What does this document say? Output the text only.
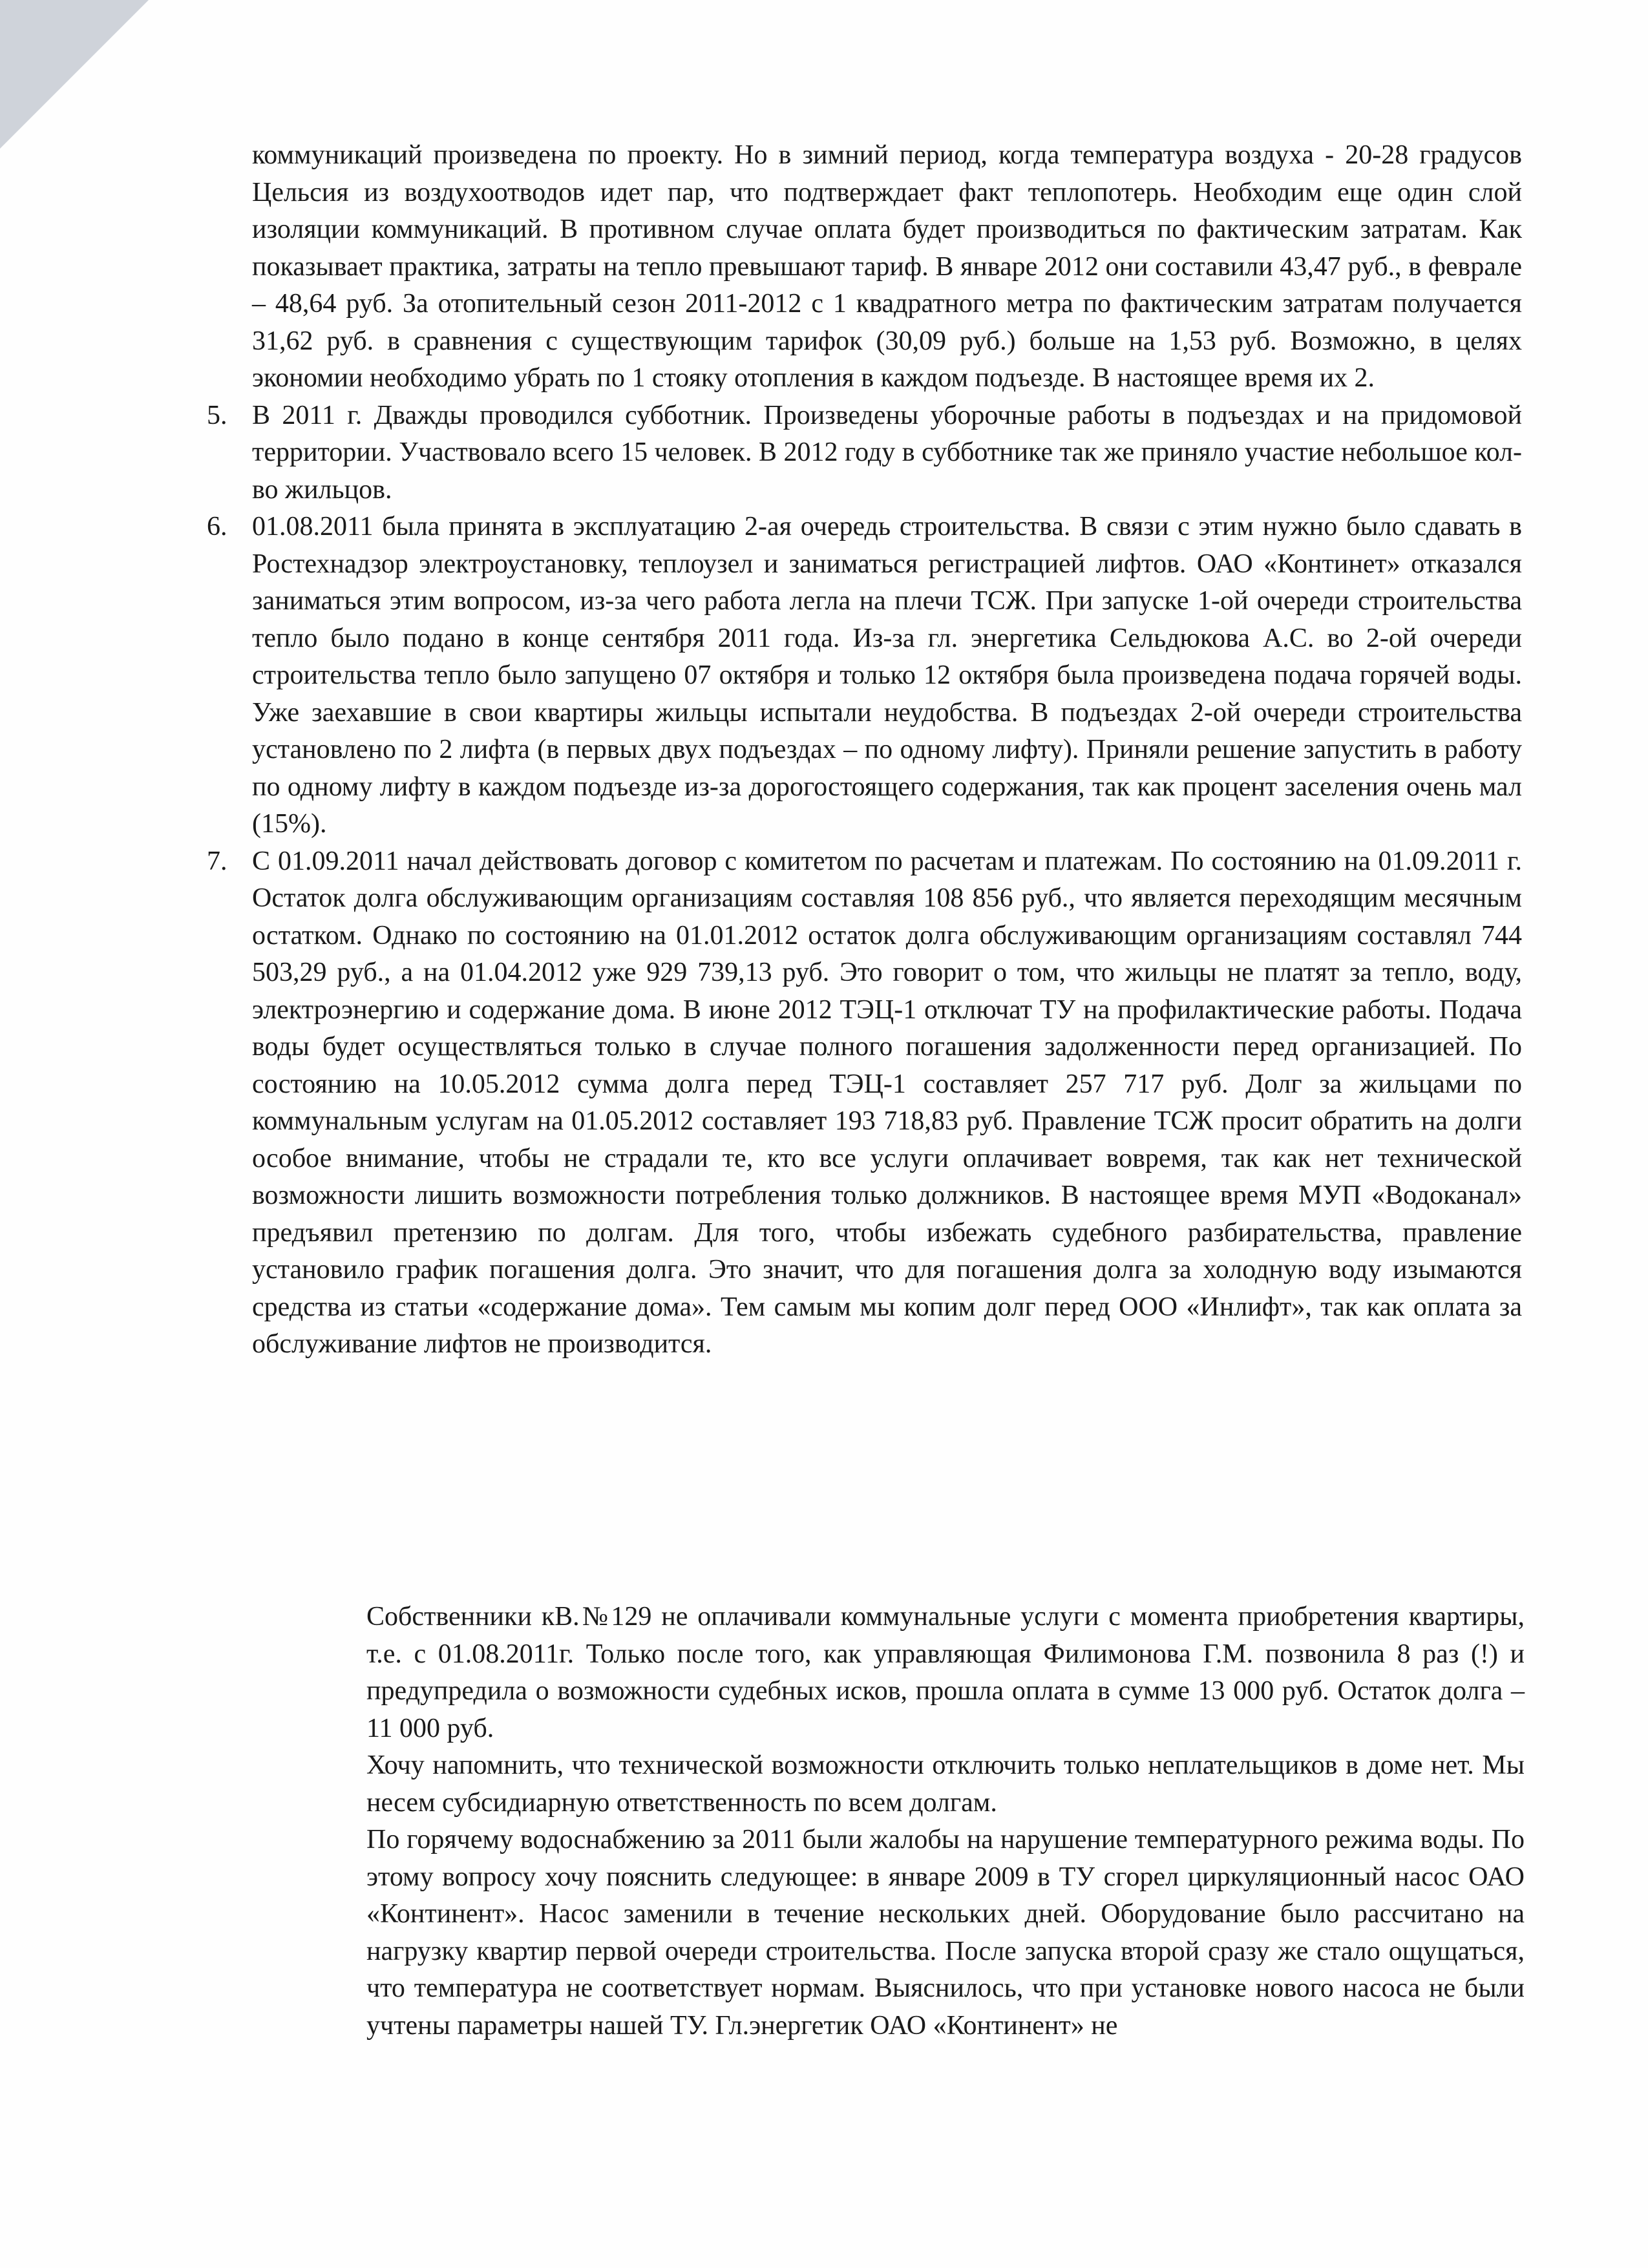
коммуникаций произведена по проекту. Но в зимний период, когда температура воздуха - 20-28 градусов Цельсия из воздухоотводов идет пар, что подтверждает факт теплопотерь. Необходим еще один слой изоляции коммуникаций. В противном случае оплата будет производиться по фактическим затратам. Как показывает практика, затраты на тепло превышают тариф. В январе 2012 они составили 43,47 руб., в феврале – 48,64 руб. За отопительный сезон 2011-2012 с 1 квадратного метра по фактическим затратам получается 31,62 руб. в сравнения с существующим тарифок (30,09 руб.) больше на 1,53 руб. Возможно, в целях экономии необходимо убрать по 1 стояку отопления в каждом подъезде. В настоящее время их 2.

5. В 2011 г. Дважды проводился субботник. Произведены уборочные работы в подъездах и на придомовой территории. Участвовало всего 15 человек. В 2012 году в субботнике так же приняло участие небольшое кол-во жильцов.
6. 01.08.2011 была принята в эксплуатацию 2-ая очередь строительства. В связи с этим нужно было сдавать в Ростехнадзор электроустановку, теплоузел и заниматься регистрацией лифтов. ОАО «Континет» отказался заниматься этим вопросом, из-за чего работа легла на плечи ТСЖ. При запуске 1-ой очереди строительства тепло было подано в конце сентября 2011 года. Из-за гл. энергетика Сельдюкова А.С. во 2-ой очереди строительства тепло было запущено 07 октября и только 12 октября была произведена подача горячей воды. Уже заехавшие в свои квартиры жильцы испытали неудобства. В подъездах 2-ой очереди строительства установлено по 2 лифта (в первых двух подъездах – по одному лифту). Приняли решение запустить в работу по одному лифту в каждом подъезде из-за дорогостоящего содержания, так как процент заселения очень мал (15%).
7. С 01.09.2011 начал действовать договор с комитетом по расчетам и платежам. По состоянию на 01.09.2011 г. Остаток долга обслуживающим организациям составляя 108 856 руб., что является переходящим месячным остатком. Однако по состоянию на 01.01.2012 остаток долга обслуживающим организациям составлял 744 503,29 руб., а на 01.04.2012 уже 929 739,13 руб. Это говорит о том, что жильцы не платят за тепло, воду, электроэнергию и содержание дома. В июне 2012 ТЭЦ-1 отключат ТУ на профилактические работы. Подача воды будет осуществляться только в случае полного погашения задолженности перед организацией. По состоянию на 10.05.2012 сумма долга перед ТЭЦ-1 составляет 257 717 руб. Долг за жильцами по коммунальным услугам на 01.05.2012 составляет 193 718,83 руб. Правление ТСЖ просит обратить на долги особое внимание, чтобы не страдали те, кто все услуги оплачивает вовремя, так как нет технической возможности лишить возможности потребления только должников. В настоящее время МУП «Водоканал» предъявил претензию по долгам. Для того, чтобы избежать судебного разбирательства, правление установило график погашения долга. Это значит, что для погашения долга за холодную воду изымаются средства из статьи «содержание дома». Тем самым мы копим долг перед ООО «Инлифт», так как оплата за обслуживание лифтов не производится.

Собственники кВ.№129 не оплачивали коммунальные услуги с момента приобретения квартиры, т.е. с 01.08.2011г. Только после того, как управляющая Филимонова Г.М. позвонила 8 раз (!) и предупредила о возможности судебных исков, прошла оплата в сумме 13 000 руб. Остаток долга – 11 000 руб.

Хочу напомнить, что технической возможности отключить только неплательщиков в доме нет. Мы несем субсидиарную ответственность по всем долгам.

По горячему водоснабжению за 2011 были жалобы на нарушение температурного режима воды. По этому вопросу хочу пояснить следующее: в январе 2009 в ТУ сгорел циркуляционный насос ОАО «Континент». Насос заменили в течение нескольких дней. Оборудование было рассчитано на нагрузку квартир первой очереди строительства. После запуска второй сразу же стало ощущаться, что температура не соответствует нормам. Выяснилось, что при установке нового насоса не были учтены параметры нашей ТУ. Гл.энергетик ОАО «Континент» не
